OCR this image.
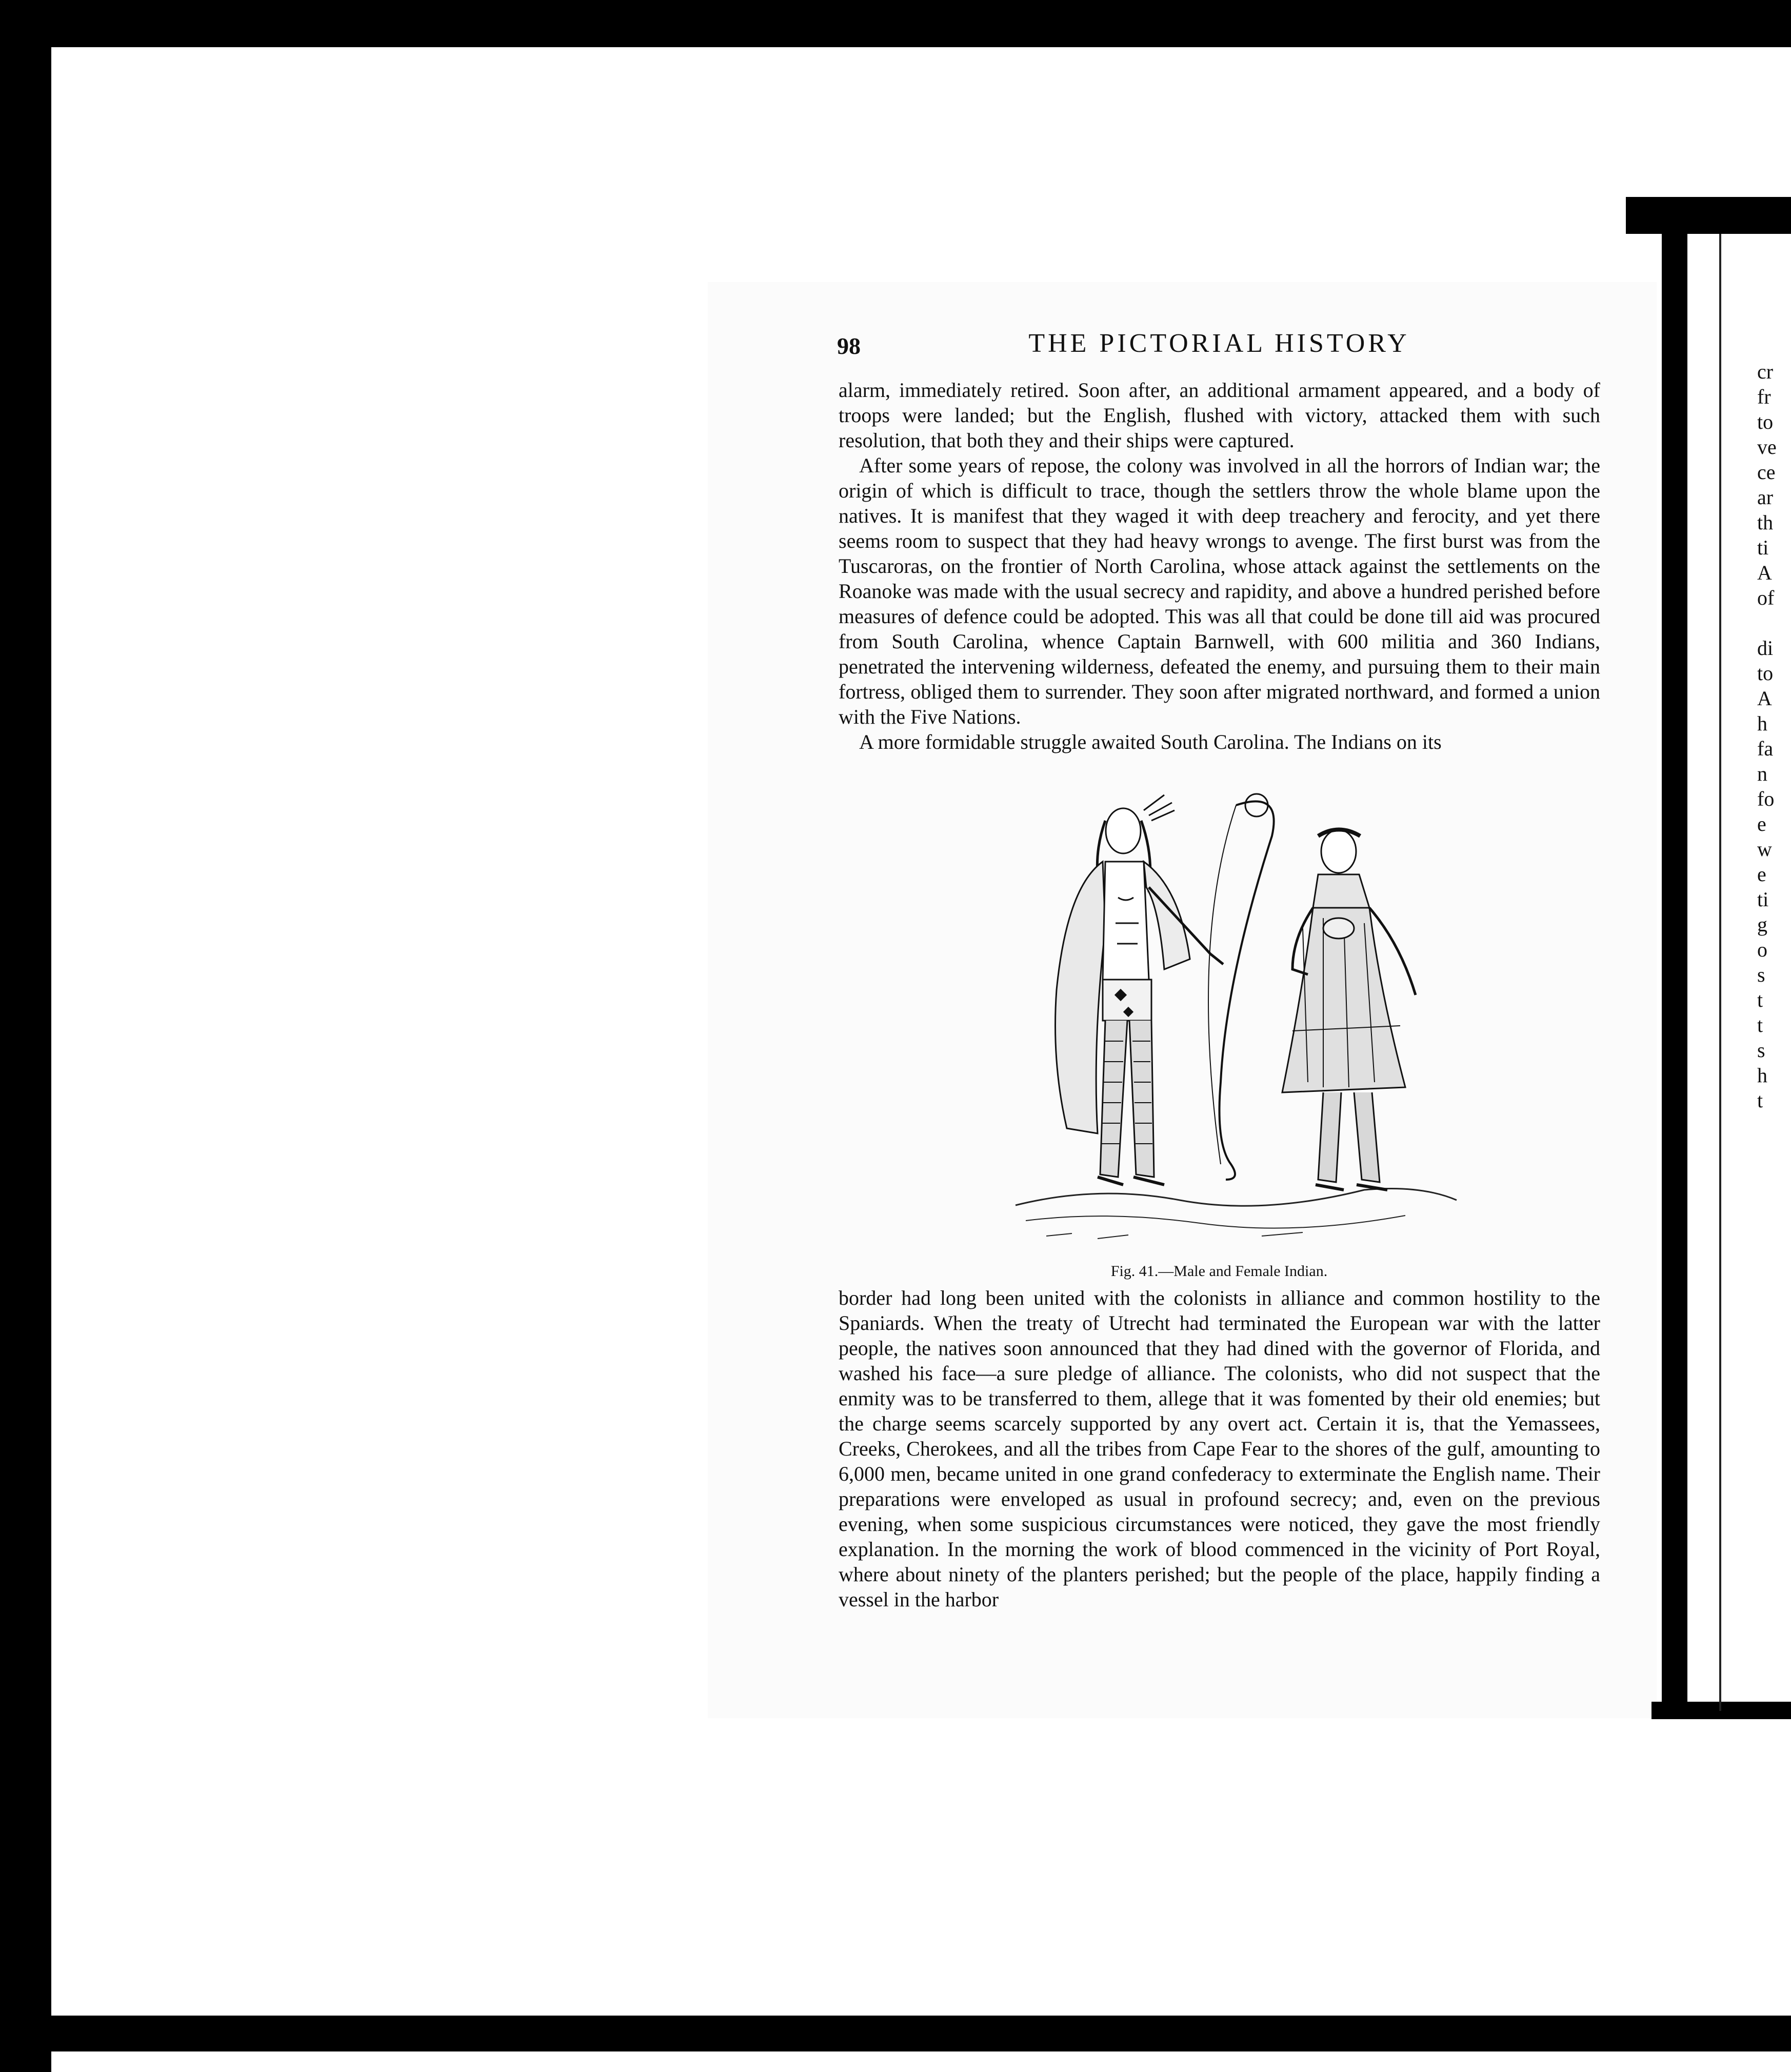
98	THE PICTORIAL HISTORY

alarm, immediately retired. Soon after, an additional armament appeared, and a body of troops were landed; but the English, flushed with victory, attacked them with such resolution, that both they and their ships were captured.

After some years of repose, the colony was involved in all the horrors of Indian war; the origin of which is difficult to trace, though the settlers throw the whole blame upon the natives. It is manifest that they waged it with deep treachery and ferocity, and yet there seems room to suspect that they had heavy wrongs to avenge. The first burst was from the Tuscaroras, on the frontier of North Carolina, whose attack against the settlements on the Roanoke was made with the usual secrecy and rapidity, and above a hundred perished before measures of defence could be adopted. This was all that could be done till aid was procured from South Carolina, whence Captain Barnwell, with 600 militia and 360 Indians, penetrated the intervening wilderness, defeated the enemy, and pursuing them to their main fortress, obliged them to surrender. They soon after migrated northward, and formed a union with the Five Nations.

A more formidable struggle awaited South Carolina. The Indians on its

Fig. 41.—Male and Female Indian.

border had long been united with the colonists in alliance and common hostility to the Spaniards. When the treaty of Utrecht had terminated the European war with the latter people, the natives soon announced that they had dined with the governor of Florida, and washed his face—a sure pledge of alliance. The colonists, who did not suspect that the enmity was to be transferred to them, allege that it was fomented by their old enemies; but the charge seems scarcely supported by any overt act. Certain it is, that the Yemassees, Creeks, Cherokees, and all the tribes from Cape Fear to the shores of the gulf, amounting to 6,000 men, became united in one grand confederacy to exterminate the English name. Their preparations were enveloped as usual in profound secrecy; and, even on the previous evening, when some suspicious circumstances were noticed, they gave the most friendly explanation. In the morning the work of blood commenced in the vicinity of Port Royal, where about ninety of the planters perished; but the people of the place, happily finding a vessel in the harbor

cr
fr
to
ve
ce
ar
th
ti
A
of
di
to
A
h
fa
n
fo
e
w
e
ti
g
o
s
t
t
s
h
t
